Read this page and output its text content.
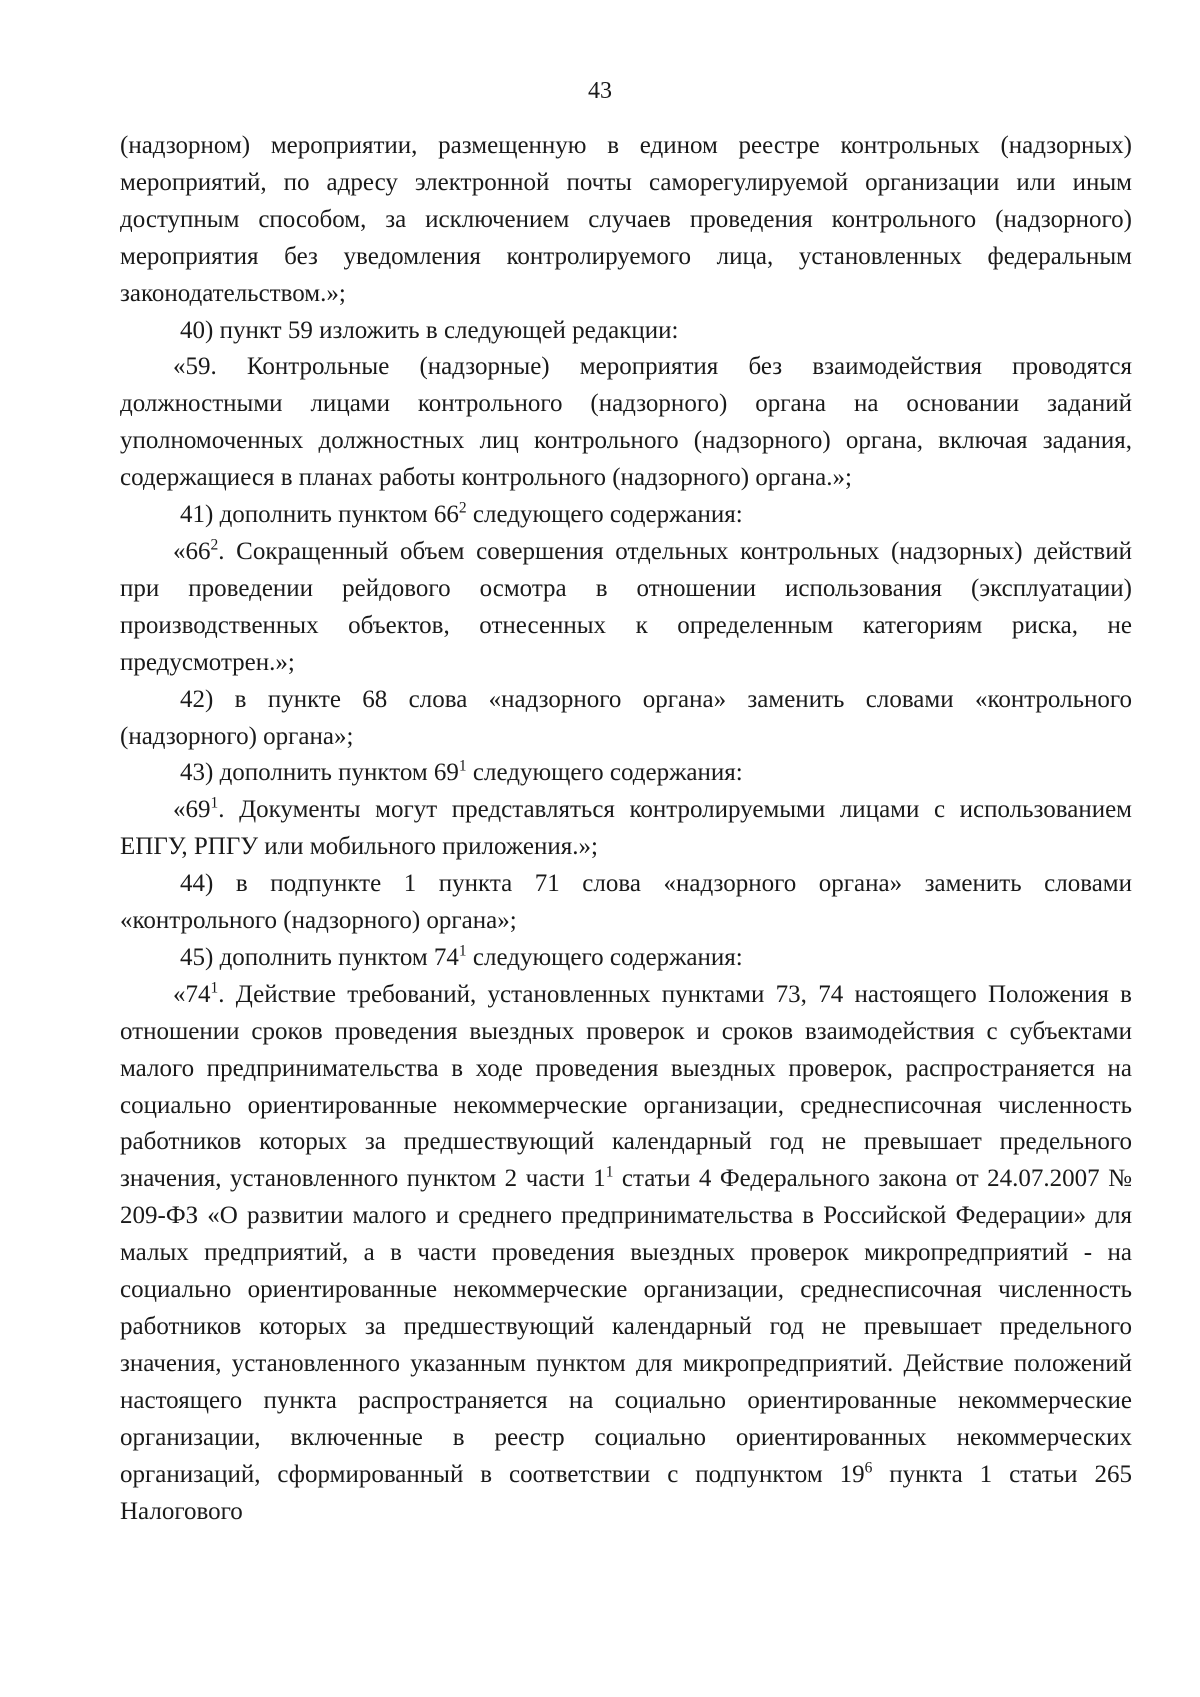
43

(надзорном) мероприятии, размещенную в едином реестре контрольных (надзорных) мероприятий, по адресу электронной почты саморегулируемой организации или иным доступным способом, за исключением случаев проведения контрольного (надзорного) мероприятия без уведомления контролируемого лица, установленных федеральным законодательством.»;

40) пункт 59 изложить в следующей редакции:

«59. Контрольные (надзорные) мероприятия без взаимодействия проводятся должностными лицами контрольного (надзорного) органа на основании заданий уполномоченных должностных лиц контрольного (надзорного) органа, включая задания, содержащиеся в планах работы контрольного (надзорного) органа.»;

41) дополнить пунктом $66^2$ следующего содержания:

«$66^2$. Сокращенный объем совершения отдельных контрольных (надзорных) действий при проведении рейдового осмотра в отношении использования (эксплуатации) производственных объектов, отнесенных к определенным категориям риска, не предусмотрен.»;

42) в пункте 68 слова «надзорного органа» заменить словами «контрольного (надзорного) органа»;

43) дополнить пунктом $69^1$ следующего содержания:

«$69^1$. Документы могут представляться контролируемыми лицами с использованием ЕПГУ, РПГУ или мобильного приложения.»;

44) в подпункте 1 пункта 71 слова «надзорного органа» заменить словами «контрольного (надзорного) органа»;

45) дополнить пунктом $74^1$ следующего содержания:

«$74^1$. Действие требований, установленных пунктами 73, 74 настоящего Положения в отношении сроков проведения выездных проверок и сроков взаимодействия с субъектами малого предпринимательства в ходе проведения выездных проверок, распространяется на социально ориентированные некоммерческие организации, среднесписочная численность работников которых за предшествующий календарный год не превышает предельного значения, установленного пунктом 2 части $1^1$ статьи 4 Федерального закона от 24.07.2007 № 209-ФЗ «О развитии малого и среднего предпринимательства в Российской Федерации» для малых предприятий, а в части проведения выездных проверок микропредприятий - на социально ориентированные некоммерческие организации, среднесписочная численность работников которых за предшествующий календарный год не превышает предельного значения, установленного указанным пунктом для микропредприятий. Действие положений настоящего пункта распространяется на социально ориентированные некоммерческие организации, включенные в реестр социально ориентированных некоммерческих организаций, сформированный в соответствии с подпунктом $19^6$ пункта 1 статьи 265 Налогового
